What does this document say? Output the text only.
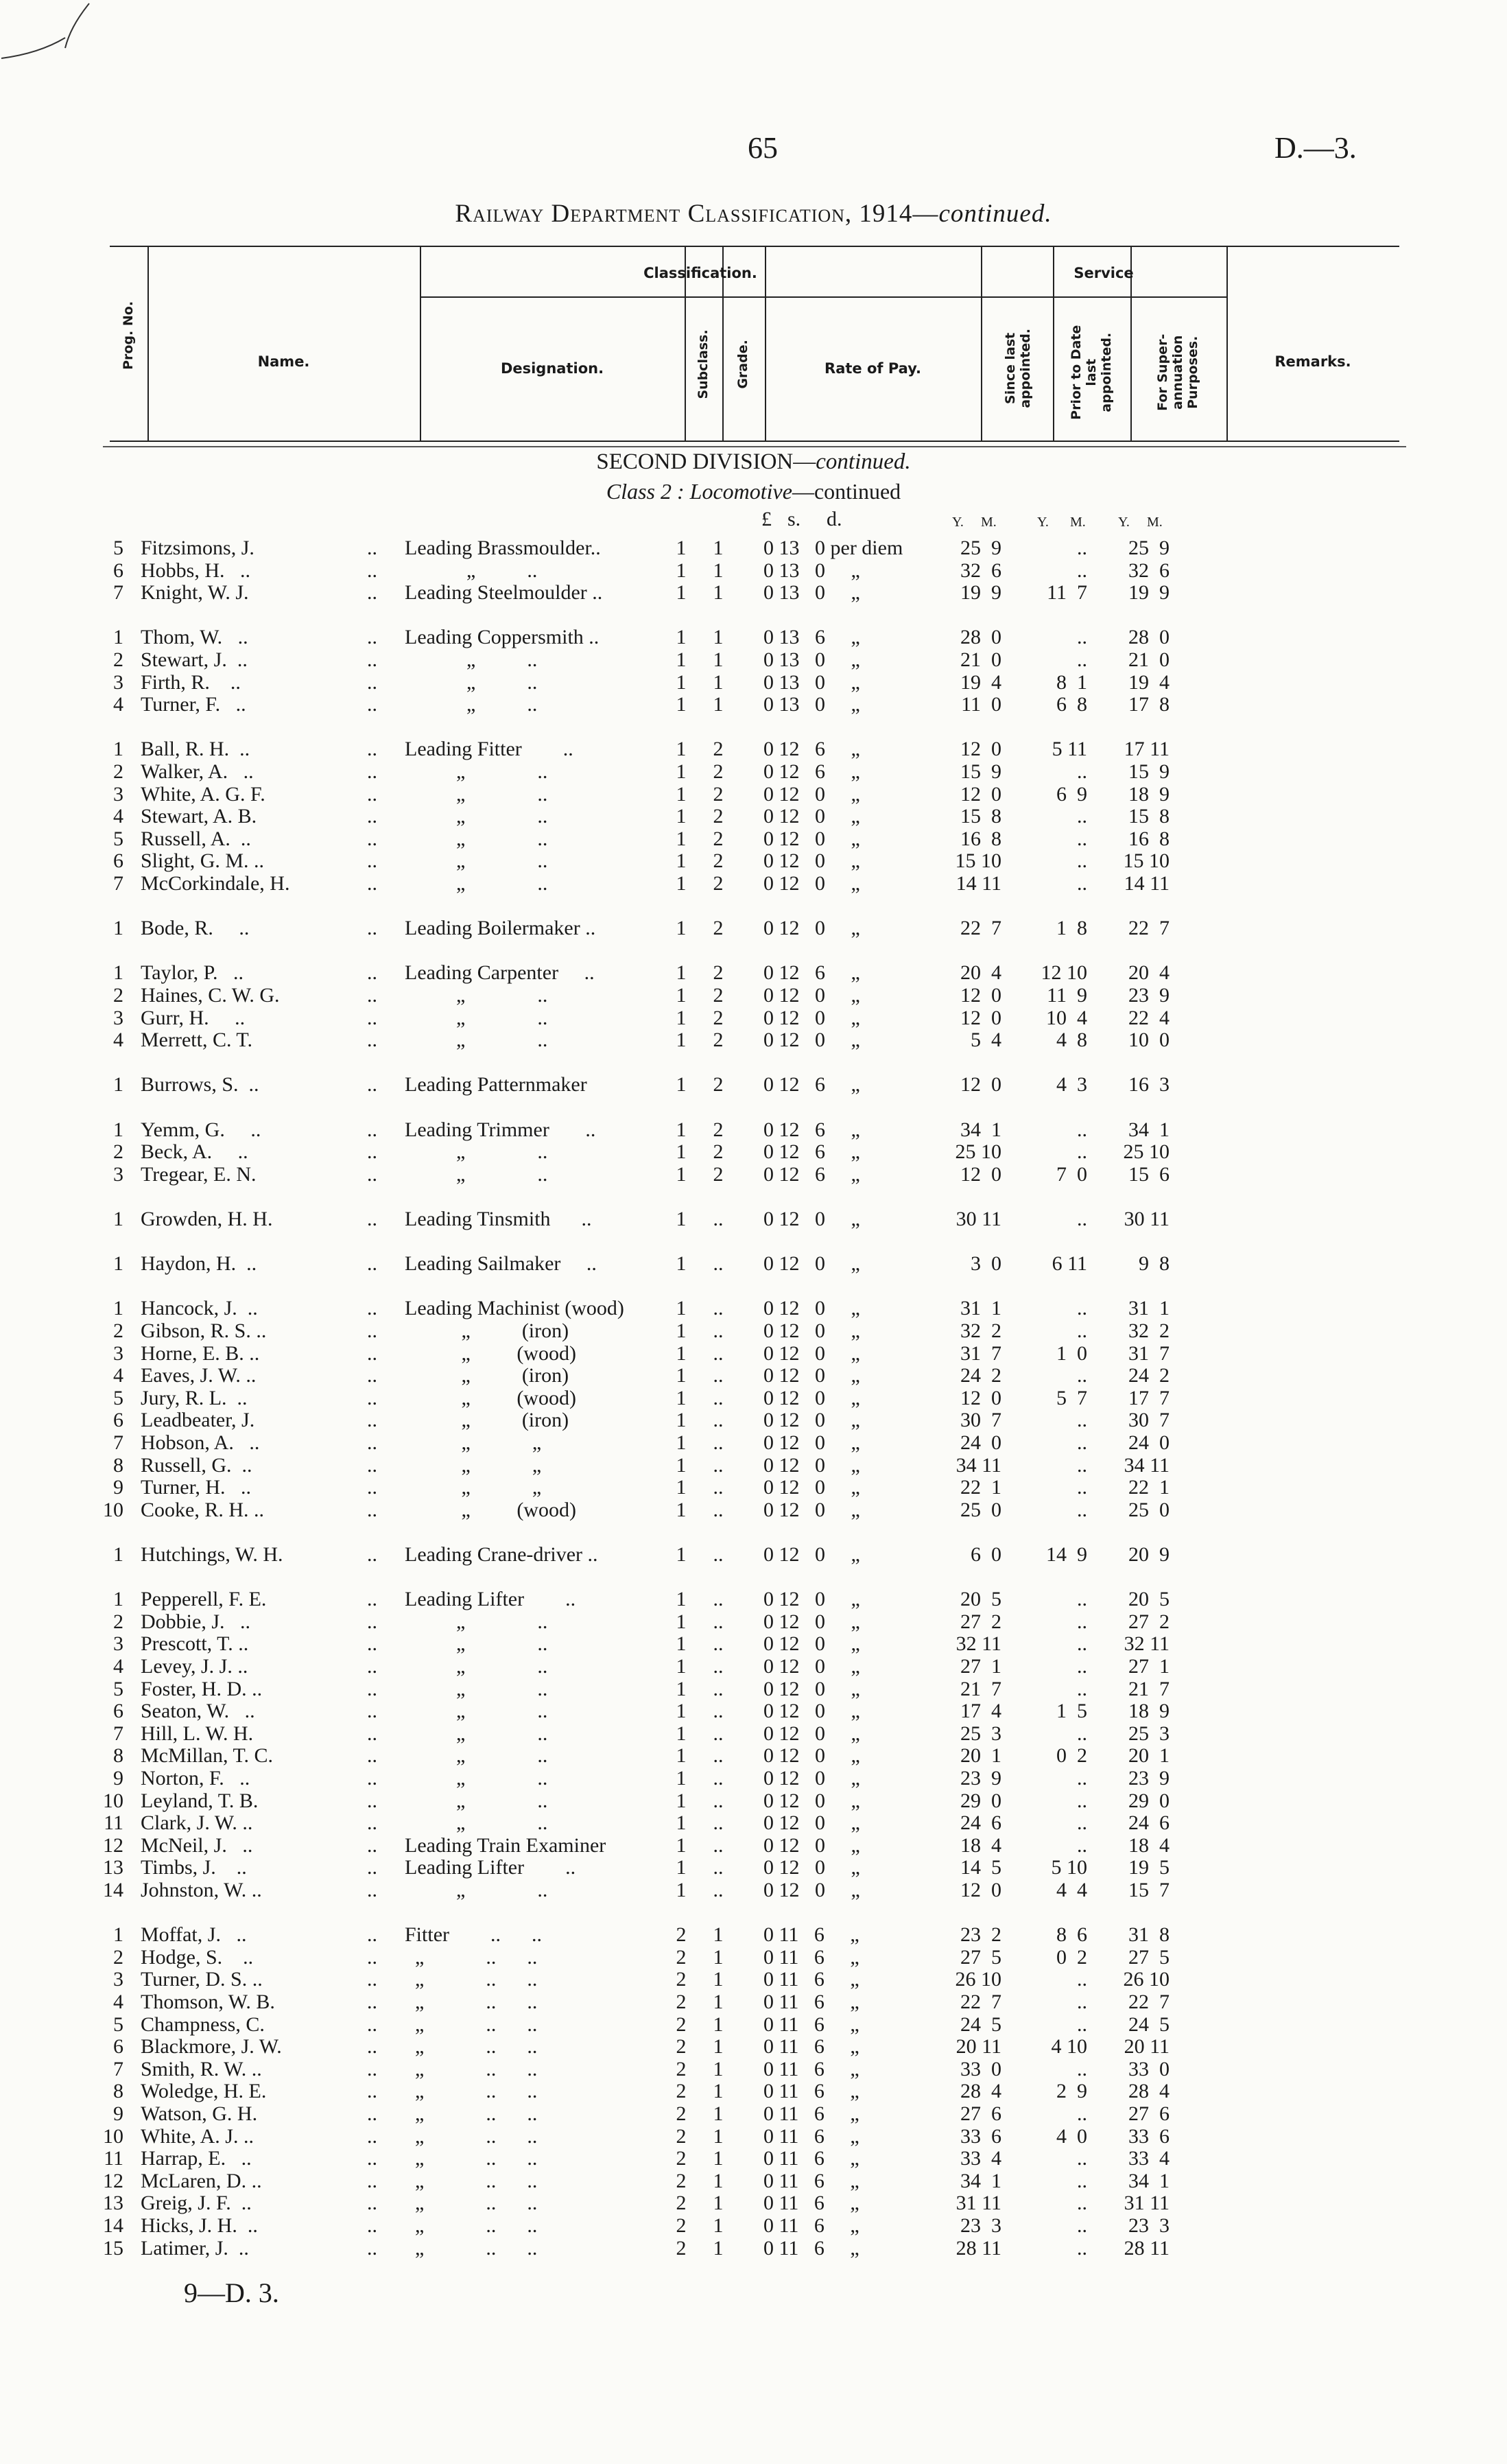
65	D.—3.
Railway Department Classification, 1914—continued.
Prog. No.	Name.
Classification.
Designation.	Subclass. Grade.	Rate of Pay.
Service
Since last
appointed.	Prior to Date
last
appointed.	For Super-
annuation
Purposes.	Remarks.
SECOND DIVISION—continued.
Class 2 : Locomotive—continued
£ s. d.	Y. M.	Y. M. Y. M.
5 Fitzsimons, J.	.. Leading Brassmoulder..	1	1	0 13   0 per diem	25  9	..	25  9
6 Hobbs, H.   ..	.. „          ..	1	1	0 13   0     „	32  6	..	32  6
7 Knight, W. J.	.. Leading Steelmoulder ..	1	1	0 13   0     „	19  9	11  7	19  9
1 Thom, W.   ..	.. Leading Coppersmith ..	1	1	0 13   6     „	28  0	..	28  0
2 Stewart, J.  ..	.. „          ..	1	1	0 13   0     „	21  0	..	21  0
3 Firth, R.    ..	.. „          ..	1	1	0 13   0     „	19  4	8  1	19  4
4 Turner, F.   ..	.. „          ..	1	1	0 13   0     „	11  0	6  8	17  8
1 Ball, R. H.  ..	.. Leading Fitter        ..	1	2	0 12   6     „	12  0	5 11	17 11
2 Walker, A.   ..	.. „              ..	1	2	0 12   6     „	15  9	..	15  9
3 White, A. G. F.	.. „              ..	1	2	0 12   0     „	12  0	6  9	18  9
4 Stewart, A. B.	.. „              ..	1	2	0 12   0     „	15  8	..	15  8
5 Russell, A.  ..	.. „              ..	1	2	0 12   0     „	16  8	..	16  8
6 Slight, G. M. ..	.. „              ..	1	2	0 12   0     „	15 10	..	15 10
7 McCorkindale, H.	.. „              ..	1	2	0 12   0     „	14 11	..	14 11
1 Bode, R.     ..	.. Leading Boilermaker ..	1	2	0 12   0     „	22  7	1  8	22  7
1 Taylor, P.   ..	.. Leading Carpenter     ..	1	2	0 12   6     „	20  4	12 10	20  4
2 Haines, C. W. G.	.. „              ..	1	2	0 12   0     „	12  0	11  9	23  9
3 Gurr, H.     ..	.. „              ..	1	2	0 12   0     „	12  0	10  4	22  4
4 Merrett, C. T.	.. „              ..	1	2	0 12   0     „	5  4	4  8	10  0
1 Burrows, S.  ..	.. Leading Patternmaker	1	2	0 12   6     „	12  0	4  3	16  3
1 Yemm, G.     ..	.. Leading Trimmer       ..	1	2	0 12   6     „	34  1	..	34  1
2 Beck, A.     ..	.. „              ..	1	2	0 12   6     „	25 10	..	25 10
3 Tregear, E. N.	.. „              ..	1	2	0 12   6     „	12  0	7  0	15  6
1 Growden, H. H.	.. Leading Tinsmith      ..	1	..	0 12   0     „	30 11	..	30 11
1 Haydon, H.  ..	.. Leading Sailmaker     ..	1	..	0 12   0     „	3  0	6 11	9  8
1 Hancock, J.  ..	.. Leading Machinist (wood)	1	..	0 12   0     „	31  1	..	31  1
2 Gibson, R. S. ..	.. „          (iron)	1	..	0 12   0     „	32  2	..	32  2
3 Horne, E. B. ..	.. „         (wood)	1	..	0 12   0     „	31  7	1  0	31  7
4 Eaves, J. W. ..	.. „          (iron)	1	..	0 12   0     „	24  2	..	24  2
5 Jury, R. L.  ..	.. „         (wood)	1	..	0 12   0     „	12  0	5  7	17  7
6 Leadbeater, J.	.. „          (iron)	1	..	0 12   0     „	30  7	..	30  7
7 Hobson, A.   ..	.. „            „	1	..	0 12   0     „	24  0	..	24  0
8 Russell, G.  ..	.. „            „	1	..	0 12   0     „	34 11	..	34 11
9 Turner, H.   ..	.. „            „	1	..	0 12   0     „	22  1	..	22  1
10 Cooke, R. H. ..	.. „         (wood)	1	..	0 12   0     „	25  0	..	25  0
1 Hutchings, W. H.	.. Leading Crane-driver ..	1	..	0 12   0     „	6  0	14  9	20  9
1 Pepperell, F. E.	.. Leading Lifter        ..	1	..	0 12   0     „	20  5	..	20  5
2 Dobbie, J.   ..	.. „              ..	1	..	0 12   0     „	27  2	..	27  2
3 Prescott, T. ..	.. „              ..	1	..	0 12   0     „	32 11	..	32 11
4 Levey, J. J. ..	.. „              ..	1	..	0 12   0     „	27  1	..	27  1
5 Foster, H. D. ..	.. „              ..	1	..	0 12   0     „	21  7	..	21  7
6 Seaton, W.   ..	.. „              ..	1	..	0 12   0     „	17  4	1  5	18  9
7 Hill, L. W. H.	.. „              ..	1	..	0 12   0     „	25  3	..	25  3
8 McMillan, T. C.	.. „              ..	1	..	0 12   0     „	20  1	0  2	20  1
9 Norton, F.   ..	.. „              ..	1	..	0 12   0     „	23  9	..	23  9
10 Leyland, T. B.	.. „              ..	1	..	0 12   0     „	29  0	..	29  0
11 Clark, J. W. ..	.. „              ..	1	..	0 12   0     „	24  6	..	24  6
12 McNeil, J.   ..	.. Leading Train Examiner	1	..	0 12   0     „	18  4	..	18  4
13 Timbs, J.    ..	.. Leading Lifter        ..	1	..	0 12   0     „	14  5	5 10	19  5
14 Johnston, W. ..	.. „              ..	1	..	0 12   0     „	12  0	4  4	15  7
1 Moffat, J.   ..	.. Fitter        ..      ..	2	1	0 11   6     „	23  2	8  6	31  8
2 Hodge, S.    ..	.. „            ..      ..	2	1	0 11   6     „	27  5	0  2	27  5
3 Turner, D. S. ..	.. „            ..      ..	2	1	0 11   6     „	26 10	..	26 10
4 Thomson, W. B.	.. „            ..      ..	2	1	0 11   6     „	22  7	..	22  7
5 Champness, C.	.. „            ..      ..	2	1	0 11   6     „	24  5	..	24  5
6 Blackmore, J. W.	.. „            ..      ..	2	1	0 11   6     „	20 11	4 10	20 11
7 Smith, R. W. ..	.. „            ..      ..	2	1	0 11   6     „	33  0	..	33  0
8 Woledge, H. E.	.. „            ..      ..	2	1	0 11   6     „	28  4	2  9	28  4
9 Watson, G. H.	.. „            ..      ..	2	1	0 11   6     „	27  6	..	27  6
10 White, A. J. ..	.. „            ..      ..	2	1	0 11   6     „	33  6	4  0	33  6
11 Harrap, E.   ..	.. „            ..      ..	2	1	0 11   6     „	33  4	..	33  4
12 McLaren, D. ..	.. „            ..      ..	2	1	0 11   6     „	34  1	..	34  1
13 Greig, J. F.  ..	.. „            ..      ..	2	1	0 11   6     „	31 11	..	31 11
14 Hicks, J. H.  ..	.. „            ..      ..	2	1	0 11   6     „	23  3	..	23  3
15 Latimer, J.  ..	.. „            ..      ..	2	1	0 11   6     „	28 11	..	28 11
9—D. 3.
